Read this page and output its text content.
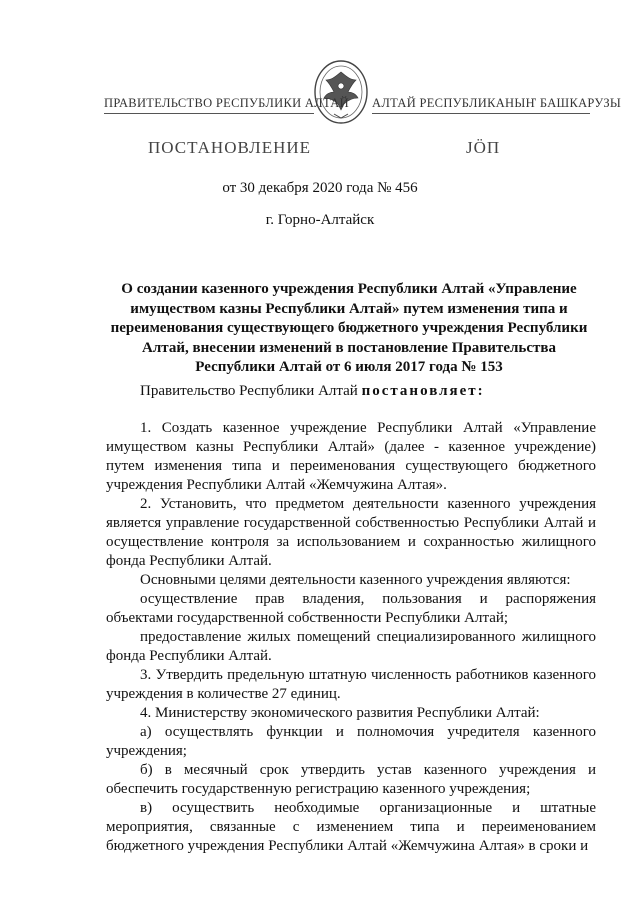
ПРАВИТЕЛЬСТВО РЕСПУБЛИКИ АЛТАЙ АЛТАЙ РЕСПУБЛИКАНЫҤ БАШКАРУЗЫ
ПОСТАНОВЛЕНИЕ	ЈӦП
от 30 декабря 2020 года № 456
г. Горно-Алтайск
О создании казенного учреждения Республики Алтай «Управление
имуществом казны Республики Алтай» путем изменения типа и
переименования существующего бюджетного учреждения Республики
Алтай, внесении изменений в постановление Правительства
Республики Алтай от 6 июля 2017 года № 153

Правительство Республики Алтай постановляет:

1. Создать казенное учреждение Республики Алтай «Управление имуществом казны Республики Алтай» (далее - казенное учреждение) путем изменения типа и переименования существующего бюджетного учреждения Республики Алтай «Жемчужина Алтая».

2. Установить, что предметом деятельности казенного учреждения является управление государственной собственностью Республики Алтай и осуществление контроля за использованием и сохранностью жилищного фонда Республики Алтай.

Основными целями деятельности казенного учреждения являются:

осуществление прав владения, пользования и распоряжения объектами государственной собственности Республики Алтай;

предоставление жилых помещений специализированного жилищного фонда Республики Алтай.

3. Утвердить предельную штатную численность работников казенного учреждения в количестве 27 единиц.

4. Министерству экономического развития Республики Алтай:

а) осуществлять функции и полномочия учредителя казенного учреждения;

б) в месячный срок утвердить устав казенного учреждения и обеспечить государственную регистрацию казенного учреждения;

в) осуществить необходимые организационные и штатные мероприятия, связанные с изменением типа и переименованием бюджетного учреждения Республики Алтай «Жемчужина Алтая» в сроки и
